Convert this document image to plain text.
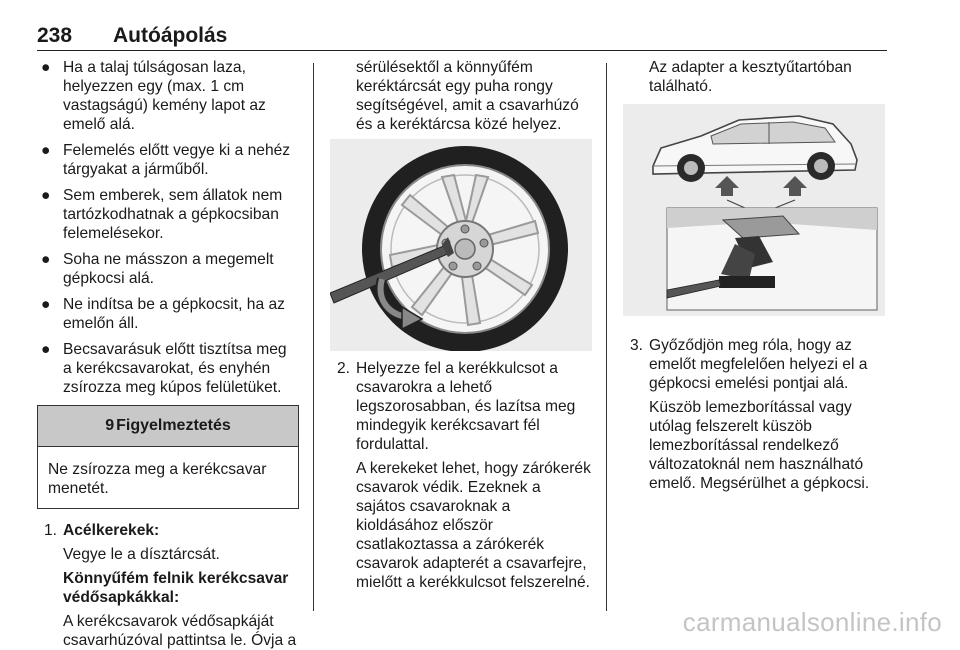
238 Autóápolás
● Ha a talaj túlságosan laza, helyezzen egy (max. 1 cm vastagságú) kemény lapot az emelő alá.
● Felemelés előtt vegye ki a nehéz tárgyakat a járműből.
● Sem emberek, sem állatok nem tartózkodhatnak a gépkocsiban felemelésekor.
● Soha ne másszon a megemelt gépkocsi alá.
● Ne indítsa be a gépkocsit, ha az emelőn áll.
● Becsavarásuk előtt tisztítsa meg a kerékcsavarokat, és enyhén zsírozza meg kúpos felületüket.
9 Figyelmeztetés
Ne zsírozza meg a kerékcsavar menetét.
1. Acélkerekek:
Vegye le a dísztárcsát.
Könnyűfém felnik kerékcsavar védősapkákkal:
A kerékcsavarok védősapkáját csavarhúzóval pattintsa le. Óvja a
sérülésektől a könnyűfém keréktárcsát egy puha rongy segítségével, amit a csavarhúzó és a keréktárcsa közé helyez.
2. Helyezze fel a kerékkulcsot a csavarokra a lehető legszorosabban, és lazítsa meg mindegyik kerékcsavart fél fordulattal.
A kerekeket lehet, hogy zárókerék csavarok védik. Ezeknek a sajátos csavaroknak a kioldásához először csatlakoztassa a zárókerék csavarok adapterét a csavarfejre, mielőtt a kerékkulcsot felszerelné.
Az adapter a kesztyűtartóban található.
3. Győződjön meg róla, hogy az emelőt megfelelően helyezi el a gépkocsi emelési pontjai alá.
Küszöb lemezborítással vagy utólag felszerelt küszöb lemezborítással rendelkező változatoknál nem használható emelő. Megsérülhet a gépkocsi.
carmanualsonline.info
